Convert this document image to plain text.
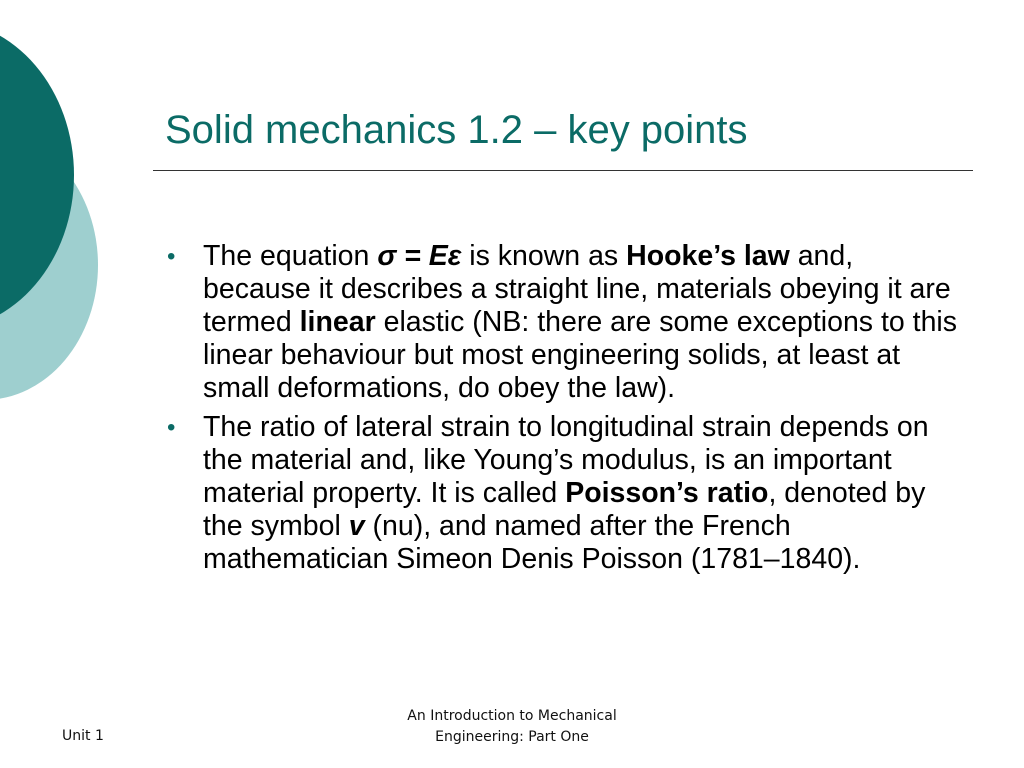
Solid mechanics 1.2 – key points
• The equation σ = Eε is known as Hooke’s law and, because it describes a straight line, materials obeying it are termed linear elastic (NB: there are some exceptions to this linear behaviour but most engineering solids, at least at small deformations, do obey the law).
• The ratio of lateral strain to longitudinal strain depends on the material and, like Young’s modulus, is an important material property. It is called Poisson’s ratio, denoted by the symbol v (nu), and named after the French mathematician Simeon Denis Poisson (1781–1840).
Unit 1
An Introduction to Mechanical
Engineering: Part One
